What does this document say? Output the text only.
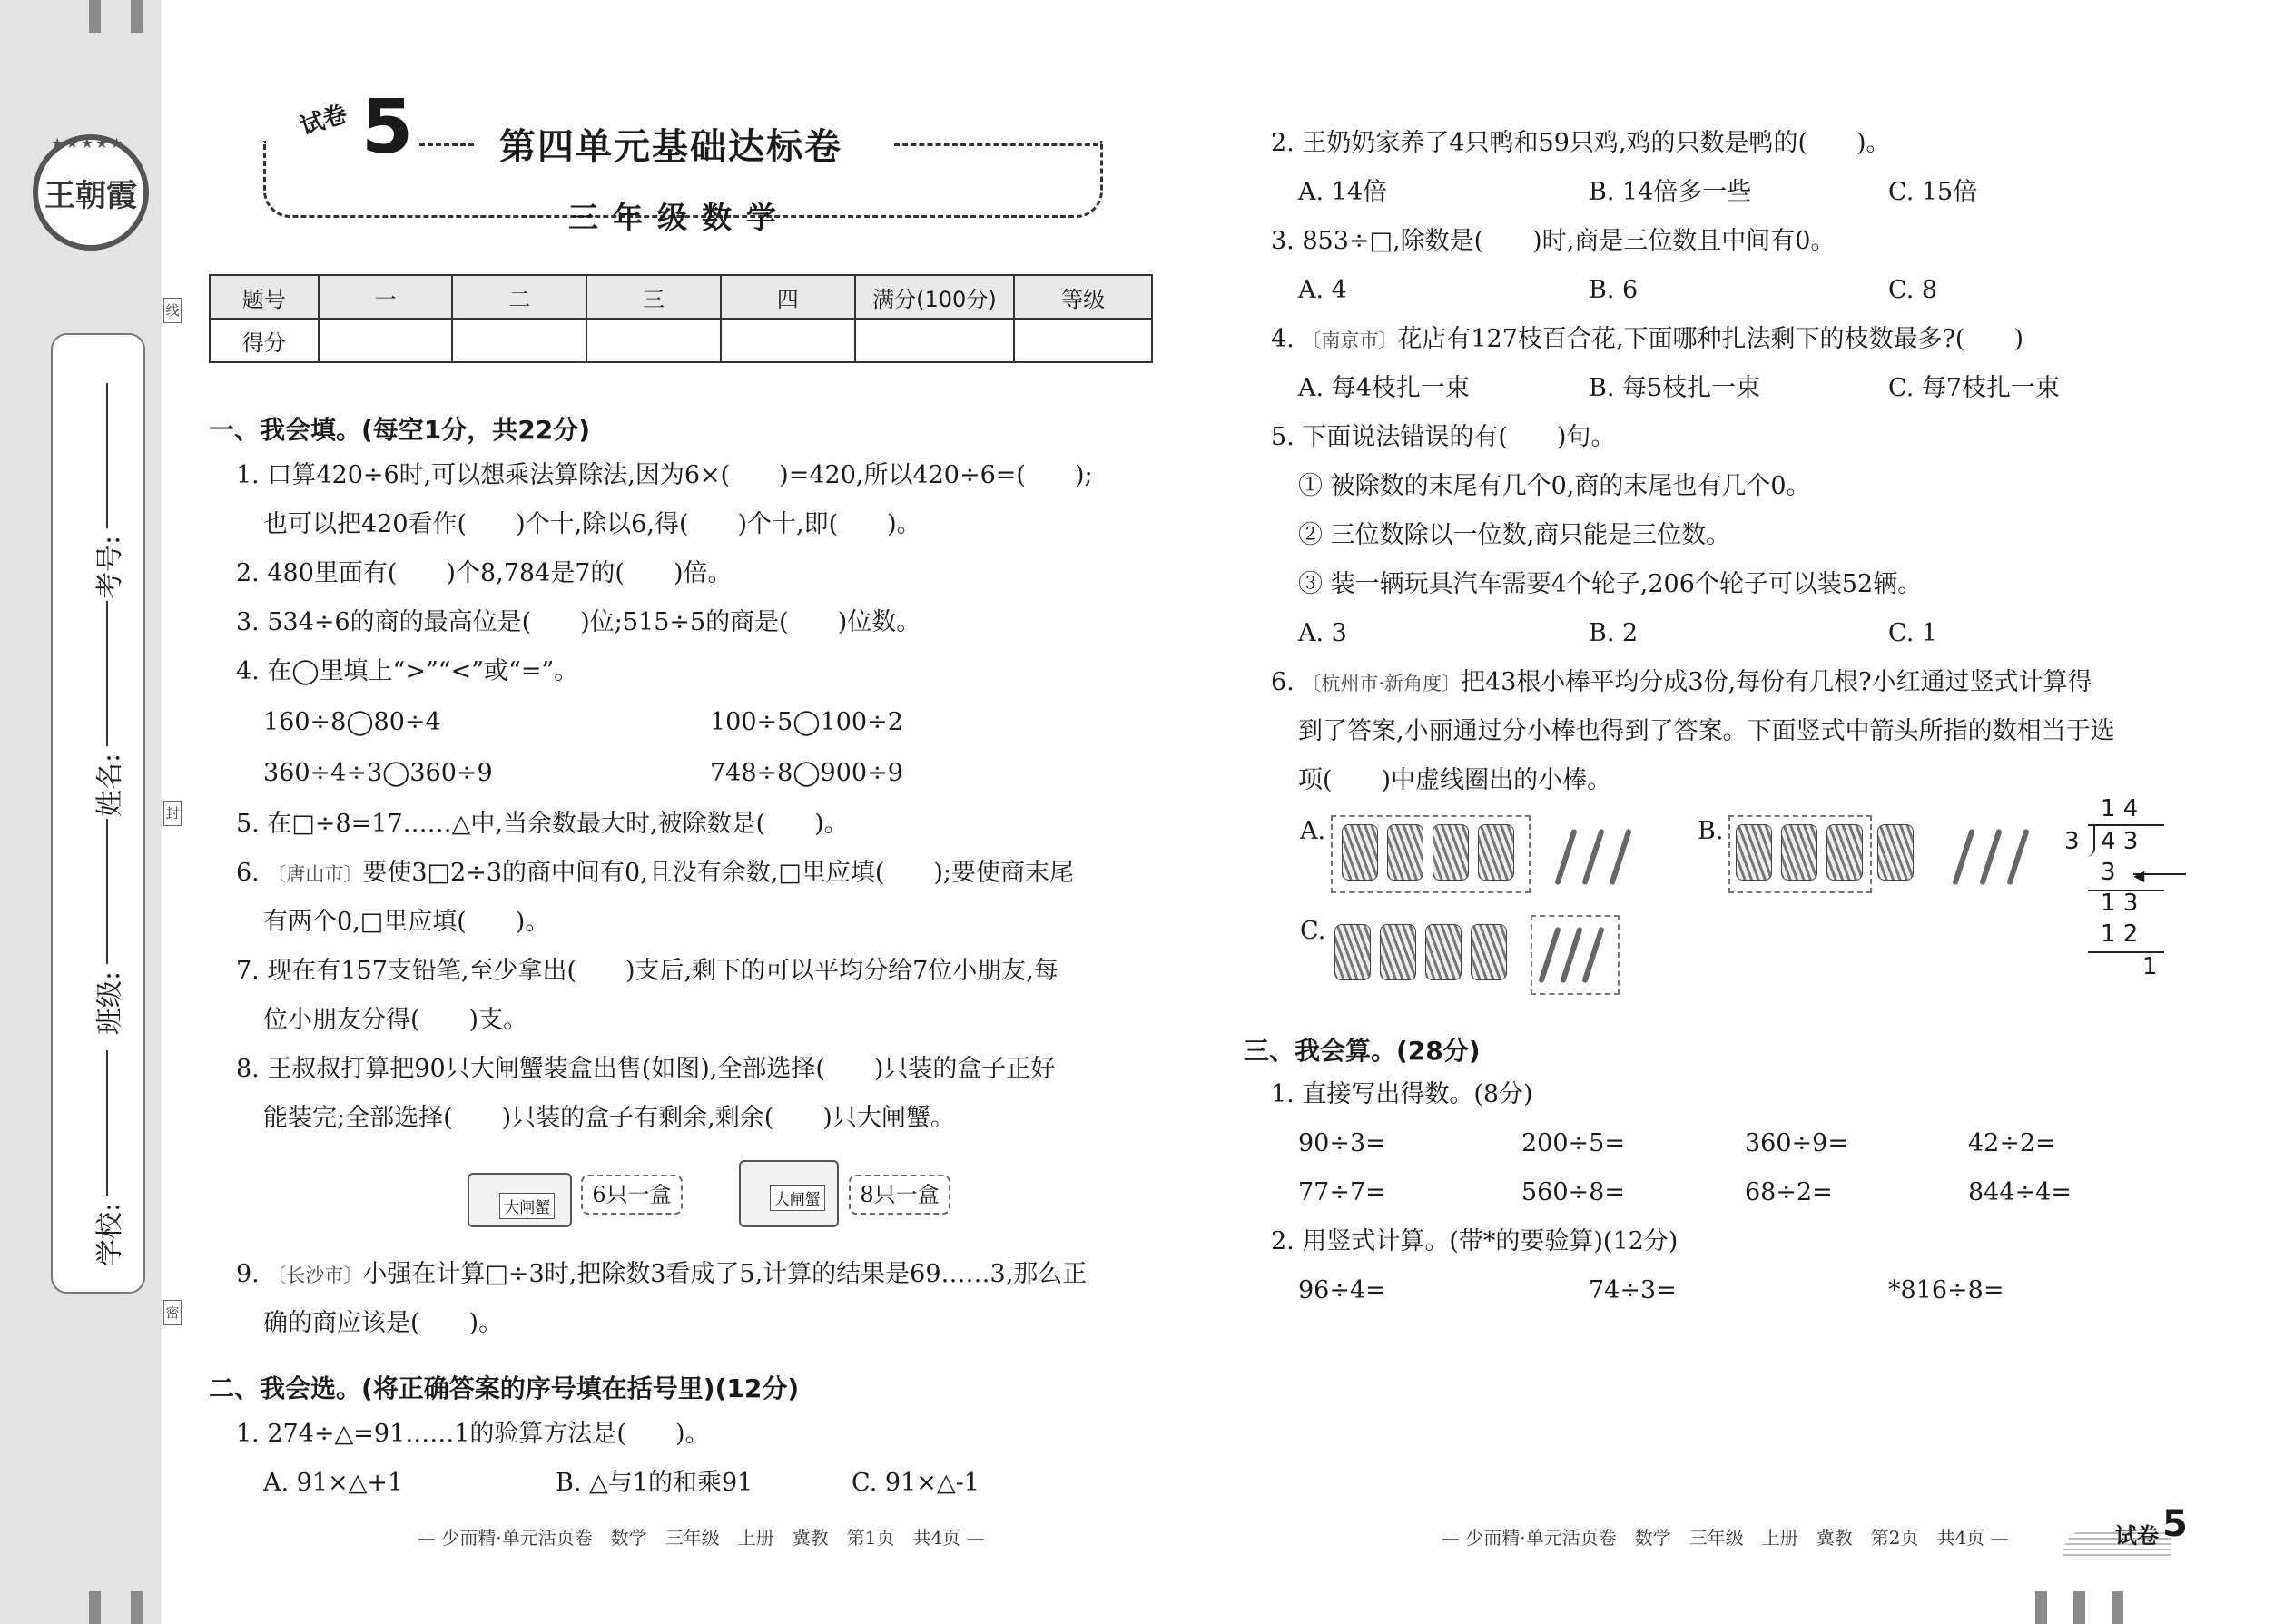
★★★★★
王朝霞
考号:
姓名:
班级:
学校:
线
封
密
试卷 5 第四单元基础达标卷
三年级数学
题号	一	二	三	四	满分(100分)	等级
得分						
一、我会填。(每空1分，共22分)
1. 口算420÷6时,可以想乘法算除法,因为6×(　　)=420,所以420÷6=(　　);
也可以把420看作(　　)个十,除以6,得(　　)个十,即(　　)。
2. 480里面有(　　)个8,784是7的(　　)倍。
3. 534÷6的商的最高位是(　　)位;515÷5的商是(　　)位数。
4. 在◯里填上“>”“<”或“=”。
160÷8◯80÷4	100÷5◯100÷2
360÷4÷3◯360÷9	748÷8◯900÷9
5. 在□÷8=17……△中,当余数最大时,被除数是(　　)。
6. 〔唐山市〕要使3□2÷3的商中间有0,且没有余数,□里应填(　　);要使商末尾
有两个0,□里应填(　　)。
7. 现在有157支铅笔,至少拿出(　　)支后,剩下的可以平均分给7位小朋友,每
位小朋友分得(　　)支。
8. 王叔叔打算把90只大闸蟹装盒出售(如图),全部选择(　　)只装的盒子正好
能装完;全部选择(　　)只装的盒子有剩余,剩余(　　)只大闸蟹。
大闸蟹
6只一盒	大闸蟹	8只一盒
9. 〔长沙市〕小强在计算□÷3时,把除数3看成了5,计算的结果是69……3,那么正
确的商应该是(　　)。
二、我会选。(将正确答案的序号填在括号里)(12分)
1. 274÷△=91……1的验算方法是(　　)。
A. 91×△+1	B. △与1的和乘91	C. 91×△-1
— 少而精·单元活页卷　数学　三年级　上册　冀教　第1页　共4页 —
2. 王奶奶家养了4只鸭和59只鸡,鸡的只数是鸭的(　　)。
A. 14倍	B. 14倍多一些	C. 15倍
3. 853÷□,除数是(　　)时,商是三位数且中间有0。
A. 4	B. 6	C. 8
4. 〔南京市〕花店有127枝百合花,下面哪种扎法剩下的枝数最多?(　　)
A. 每4枝扎一束	B. 每5枝扎一束	C. 每7枝扎一束
5. 下面说法错误的有(　　)句。
① 被除数的末尾有几个0,商的末尾也有几个0。
② 三位数除以一位数,商只能是三位数。
③ 装一辆玩具汽车需要4个轮子,206个轮子可以装52辆。
A. 3	B. 2	C. 1
6. 〔杭州市·新角度〕把43根小棒平均分成3份,每份有几根?小红通过竖式计算得
到了答案,小丽通过分小棒也得到了答案。下面竖式中箭头所指的数相当于选
项(　　)中虚线圈出的小棒。
A.	B.
C.
1 4
3 4 3
3 ◀
1 3
1 2
1
三、我会算。(28分)
1. 直接写出得数。(8分)
90÷3=	200÷5=	360÷9=	42÷2=
77÷7=	560÷8=	68÷2=	844÷4=
2. 用竖式计算。(带*的要验算)(12分)
96÷4=	74÷3=	*816÷8=
— 少而精·单元活页卷　数学　三年级　上册　冀教　第2页　共4页 —	试卷 5
